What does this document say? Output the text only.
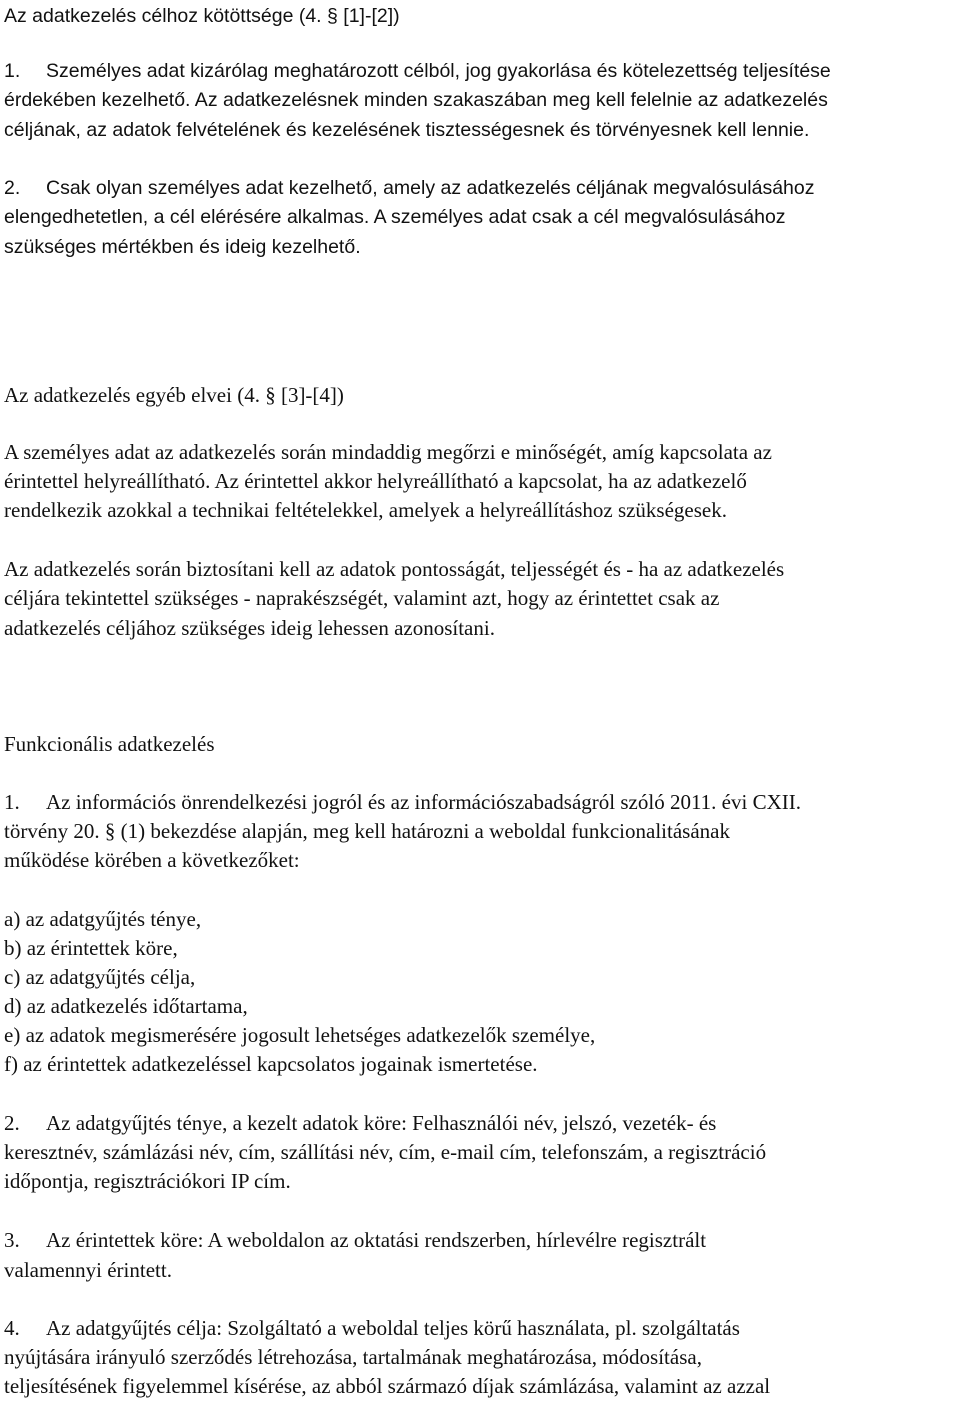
Az adatkezelés célhoz kötöttsége (4. § [1]-[2])
1. Személyes adat kizárólag meghatározott célból, jog gyakorlása és kötelezettség teljesítése
érdekében kezelhető. Az adatkezelésnek minden szakaszában meg kell felelnie az adatkezelés
céljának, az adatok felvételének és kezelésének tisztességesnek és törvényesnek kell lennie.
2. Csak olyan személyes adat kezelhető, amely az adatkezelés céljának megvalósulásához
elengedhetetlen, a cél elérésére alkalmas. A személyes adat csak a cél megvalósulásához
szükséges mértékben és ideig kezelhető.
Az adatkezelés egyéb elvei (4. § [3]-[4])
A személyes adat az adatkezelés során mindaddig megőrzi e minőségét, amíg kapcsolata az
érintettel helyreállítható. Az érintettel akkor helyreállítható a kapcsolat, ha az adatkezelő
rendelkezik azokkal a technikai feltételekkel, amelyek a helyreállításhoz szükségesek.
Az adatkezelés során biztosítani kell az adatok pontosságát, teljességét és - ha az adatkezelés
céljára tekintettel szükséges - naprakészségét, valamint azt, hogy az érintettet csak az
adatkezelés céljához szükséges ideig lehessen azonosítani.
Funkcionális adatkezelés
1. Az információs önrendelkezési jogról és az információszabadságról szóló 2011. évi CXII.
törvény 20. § (1) bekezdése alapján, meg kell határozni a weboldal funkcionalitásának
működése körében a következőket:
a) az adatgyűjtés ténye,
b) az érintettek köre,
c) az adatgyűjtés célja,
d) az adatkezelés időtartama,
e) az adatok megismerésére jogosult lehetséges adatkezelők személye,
f) az érintettek adatkezeléssel kapcsolatos jogainak ismertetése.
2. Az adatgyűjtés ténye, a kezelt adatok köre: Felhasználói név, jelszó, vezeték- és
keresztnév, számlázási név, cím, szállítási név, cím, e-mail cím, telefonszám, a regisztráció
időpontja, regisztrációkori IP cím.
3. Az érintettek köre: A weboldalon az oktatási rendszerben, hírlevélre regisztrált
valamennyi érintett.
4. Az adatgyűjtés célja: Szolgáltató a weboldal teljes körű használata, pl. szolgáltatás
nyújtására irányuló szerződés létrehozása, tartalmának meghatározása, módosítása,
teljesítésének figyelemmel kísérése, az abból származó díjak számlázása, valamint az azzal
